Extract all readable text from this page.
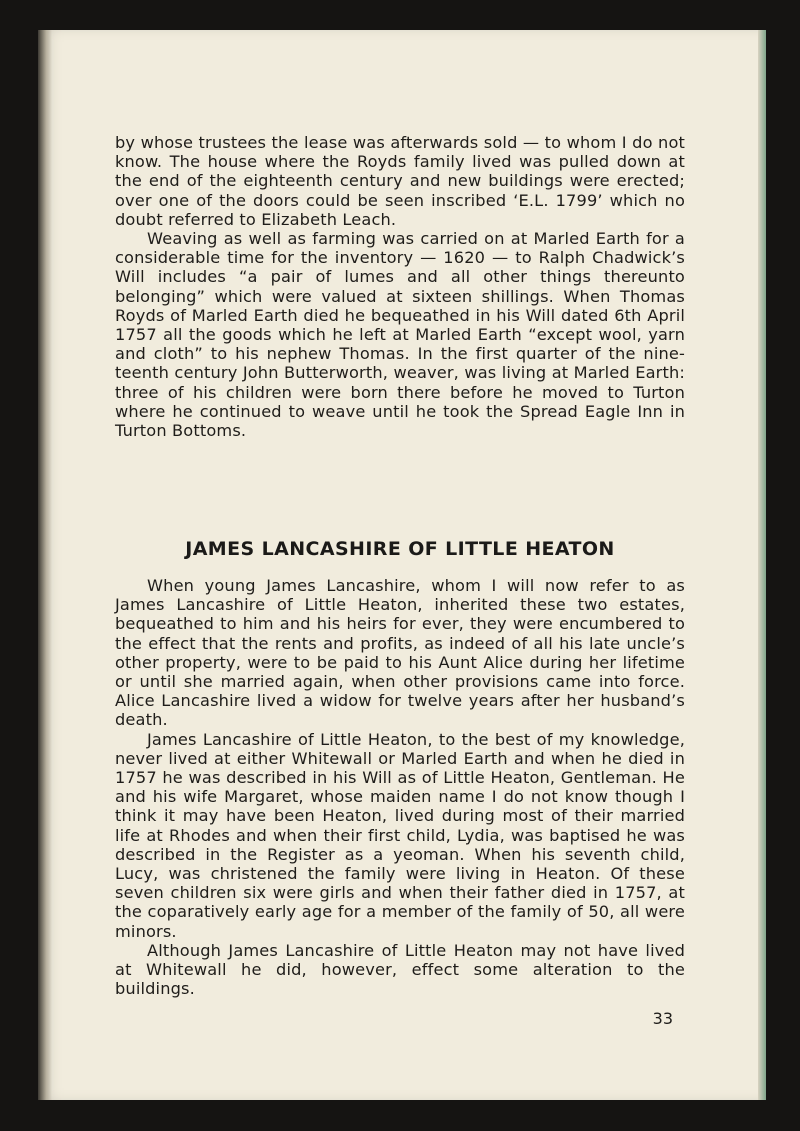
by whose trustees the lease was afterwards sold — to whom I do not know. The house where the Royds family lived was pulled down at the end of the eighteenth century and new buildings were erected; over one of the doors could be seen inscribed ‘E.L. 1799’ which no doubt referred to Elizabeth Leach.

Weaving as well as farming was carried on at Marled Earth for a considerable time for the inventory — 1620 — to Ralph Chadwick’s Will includes “a pair of lumes and all other things thereunto belonging” which were valued at sixteen shillings. When Thomas Royds of Marled Earth died he bequeathed in his Will dated 6th April 1757 all the goods which he left at Marled Earth “except wool, yarn and cloth” to his nephew Thomas. In the first quarter of the nine- teenth century John Butterworth, weaver, was living at Marled Earth: three of his children were born there before he moved to Turton where he continued to weave until he took the Spread Eagle Inn in Turton Bottoms.

JAMES LANCASHIRE OF LITTLE HEATON

When young James Lancashire, whom I will now refer to as James Lancashire of Little Heaton, inherited these two estates, bequeathed to him and his heirs for ever, they were encumbered to the effect that the rents and profits, as indeed of all his late uncle’s other property, were to be paid to his Aunt Alice during her lifetime or until she married again, when other provisions came into force. Alice Lancashire lived a widow for twelve years after her husband’s death.

James Lancashire of Little Heaton, to the best of my knowledge, never lived at either Whitewall or Marled Earth and when he died in 1757 he was described in his Will as of Little Heaton, Gentleman. He and his wife Margaret, whose maiden name I do not know though I think it may have been Heaton, lived during most of their married life at Rhodes and when their first child, Lydia, was baptised he was described in the Register as a yeoman. When his seventh child, Lucy, was christened the family were living in Heaton. Of these seven children six were girls and when their father died in 1757, at the coparatively early age for a member of the family of 50, all were minors.

Although James Lancashire of Little Heaton may not have lived at Whitewall he did, however, effect some alteration to the buildings.

33
